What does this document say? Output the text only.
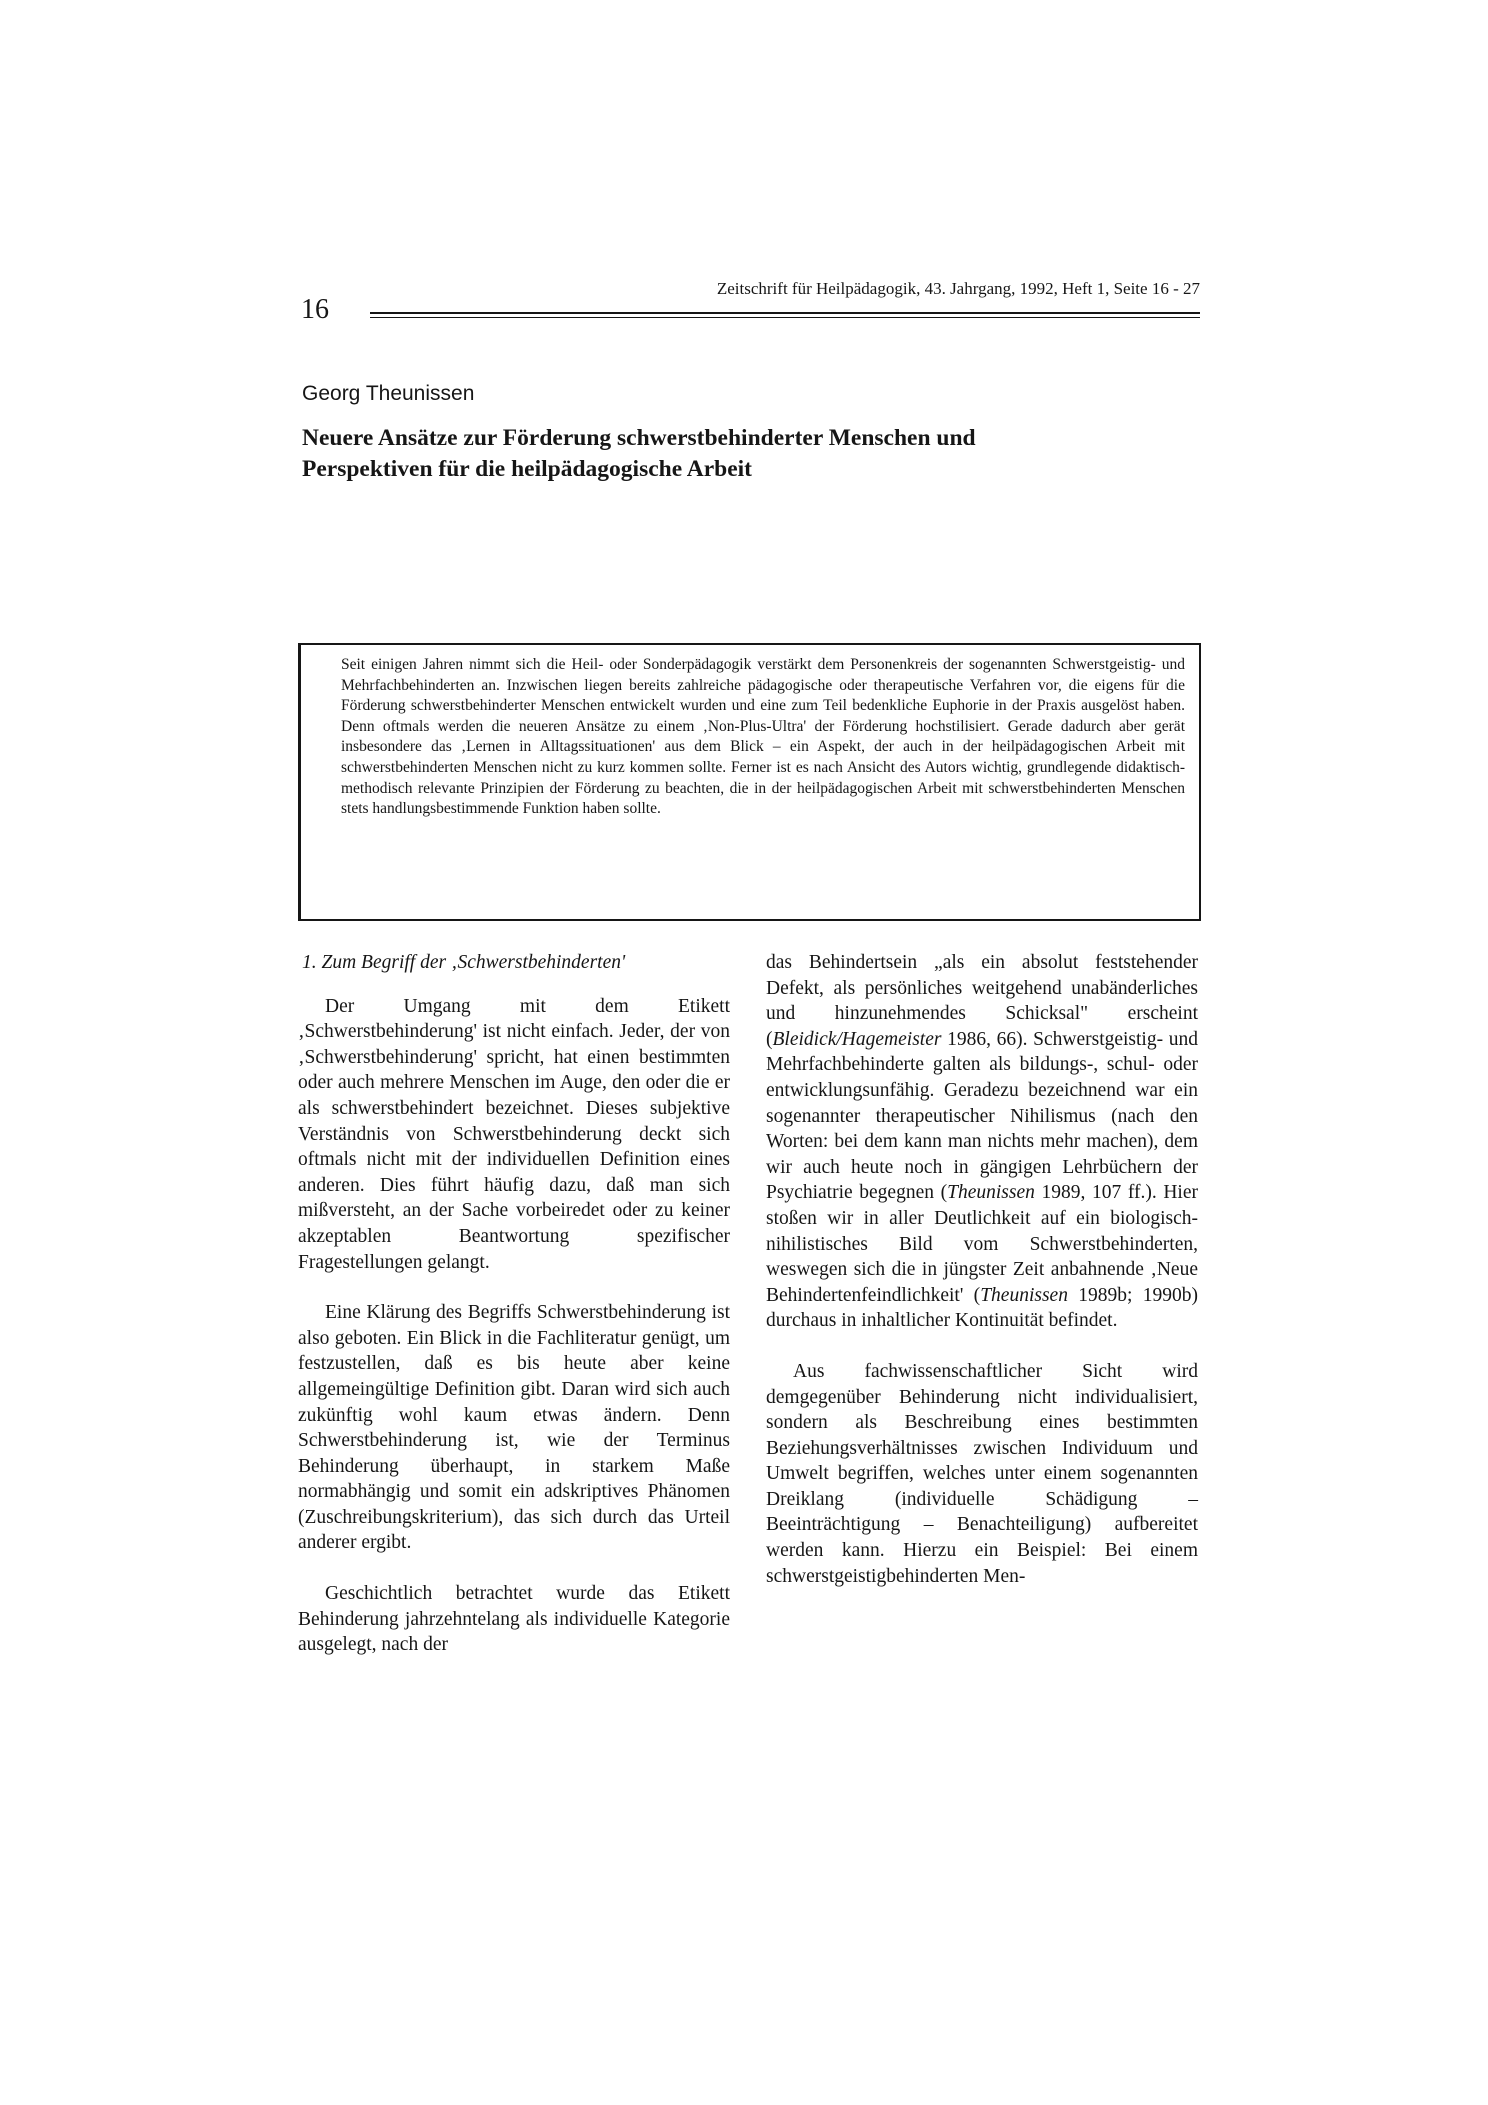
16
Zeitschrift für Heilpädagogik, 43. Jahrgang, 1992, Heft 1, Seite 16 - 27
Georg Theunissen
Neuere Ansätze zur Förderung schwerstbehinderter Menschen und
Perspektiven für die heilpädagogische Arbeit

Seit einigen Jahren nimmt sich die Heil- oder Sonderpädagogik verstärkt dem Personenkreis der sogenannten Schwerstgeistig- und Mehrfachbehinderten an. Inzwischen liegen bereits zahlreiche pädagogische oder therapeutische Verfahren vor, die eigens für die Förderung schwerstbehinderter Menschen entwickelt wurden und eine zum Teil bedenkliche Euphorie in der Praxis ausgelöst haben. Denn oftmals werden die neueren Ansätze zu einem ‚Non-Plus-Ultra' der Förderung hochstilisiert. Gerade dadurch aber gerät insbesondere das ‚Lernen in Alltagssituationen' aus dem Blick – ein Aspekt, der auch in der heilpädagogischen Arbeit mit schwerstbehinderten Menschen nicht zu kurz kommen sollte. Ferner ist es nach Ansicht des Autors wichtig, grundlegende didaktisch-methodisch relevante Prinzipien der Förderung zu beachten, die in der heilpädagogischen Arbeit mit schwerstbehinderten Menschen stets handlungsbestimmende Funktion haben sollte.

1. Zum Begriff der ‚Schwerstbehinderten'

Der Umgang mit dem Etikett ‚Schwerstbehinderung' ist nicht einfach. Jeder, der von ‚Schwerstbehinderung' spricht, hat einen bestimmten oder auch mehrere Menschen im Auge, den oder die er als schwerstbehindert bezeichnet. Dieses subjektive Verständnis von Schwerstbehinderung deckt sich oftmals nicht mit der individuellen Definition eines anderen. Dies führt häufig dazu, daß man sich mißversteht, an der Sache vorbeiredet oder zu keiner akzeptablen Beantwortung spezifischer Fragestellungen gelangt.

Eine Klärung des Begriffs Schwerstbehinderung ist also geboten. Ein Blick in die Fachliteratur genügt, um festzustellen, daß es bis heute aber keine allgemeingültige Definition gibt. Daran wird sich auch zukünftig wohl kaum etwas ändern. Denn Schwerstbehinderung ist, wie der Terminus Behinderung überhaupt, in starkem Maße normabhängig und somit ein adskriptives Phänomen (Zuschreibungskriterium), das sich durch das Urteil anderer ergibt.

Geschichtlich betrachtet wurde das Etikett Behinderung jahrzehntelang als individuelle Kategorie ausgelegt, nach der

das Behindertsein „als ein absolut feststehender Defekt, als persönliches weitgehend unabänderliches und hinzunehmendes Schicksal" erscheint (Bleidick/Hagemeister 1986, 66). Schwerstgeistig- und Mehrfachbehinderte galten als bildungs-, schul- oder entwicklungsunfähig. Geradezu bezeichnend war ein sogenannter therapeutischer Nihilismus (nach den Worten: bei dem kann man nichts mehr machen), dem wir auch heute noch in gängigen Lehrbüchern der Psychiatrie begegnen (Theunissen 1989, 107 ff.). Hier stoßen wir in aller Deutlichkeit auf ein biologisch-nihilistisches Bild vom Schwerstbehinderten, weswegen sich die in jüngster Zeit anbahnende ‚Neue Behindertenfeindlichkeit' (Theunissen 1989b; 1990b) durchaus in inhaltlicher Kontinuität befindet.

Aus fachwissenschaftlicher Sicht wird demgegenüber Behinderung nicht individualisiert, sondern als Beschreibung eines bestimmten Beziehungsverhältnisses zwischen Individuum und Umwelt begriffen, welches unter einem sogenannten Dreiklang (individuelle Schädigung – Beeinträchtigung – Benachteiligung) aufbereitet werden kann. Hierzu ein Beispiel: Bei einem schwerstgeistigbehinderten Men-
